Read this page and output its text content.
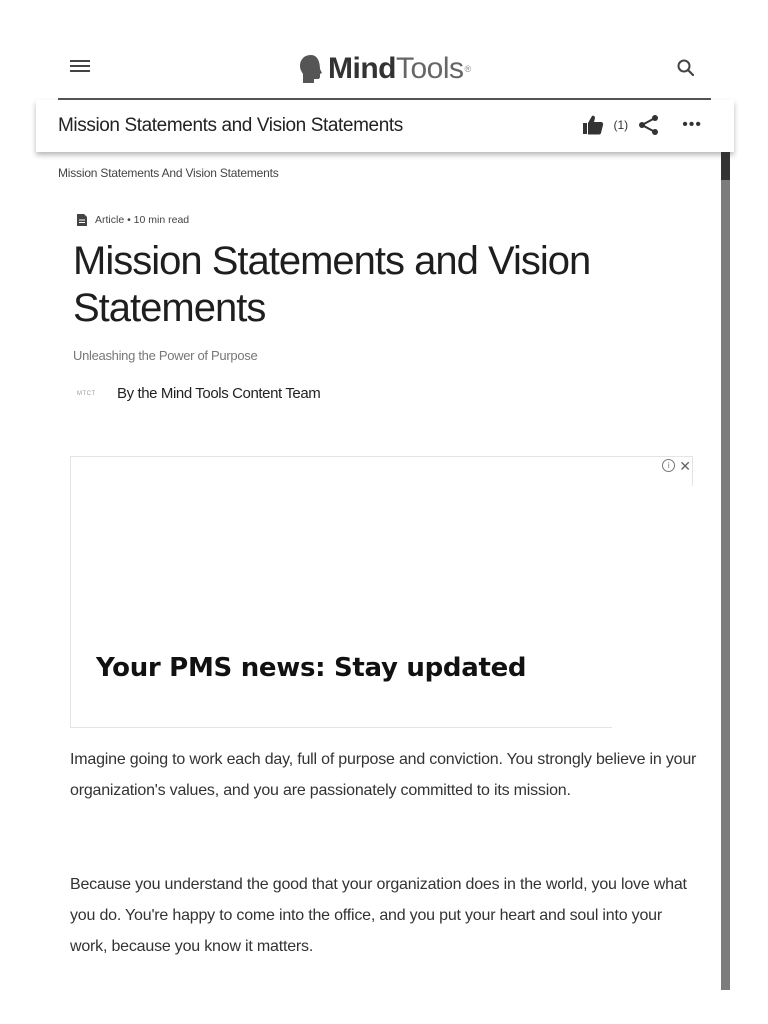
MindTools®
Mission Statements and Vision Statements	(1)	•••
Mission Statements And Vision Statements
Article • 10 min read
Mission Statements and Vision Statements
Unleashing the Power of Purpose
MTCT	By the Mind Tools Content Team
i ✕
Your PMS news: Stay updated

Imagine going to work each day, full of purpose and conviction. You strongly believe in your organization's values, and you are passionately committed to its mission.

Because you understand the good that your organization does in the world, you love what you do. You're happy to come into the office, and you put your heart and soul into your work, because you know it matters.
